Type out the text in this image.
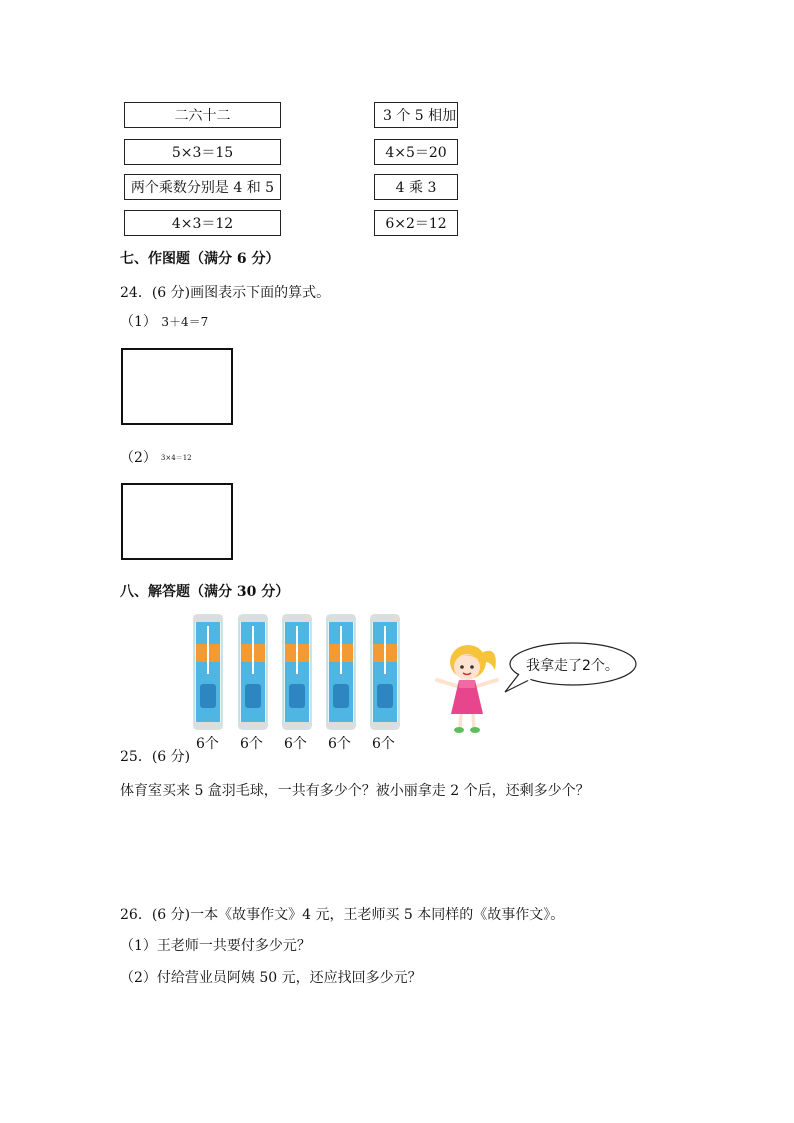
二六十二
5×3＝15
两个乘数分别是 4 和 5
4×3＝12
3 个 5 相加
4×5＝20
4 乘 3
6×2＝12
七、作图题（满分 6 分）
24．(6 分)画图表示下面的算式。
（1） 3＋4＝7
（2） 3×4＝12
八、解答题（满分 30 分）
6个 6个 6个 6个 6个
我拿走了2个。
25．(6 分)
体育室买来 5 盒羽毛球，一共有多少个？被小丽拿走 2 个后，还剩多少个？
26．(6 分)一本《故事作文》4 元，王老师买 5 本同样的《故事作文》。
（1）王老师一共要付多少元？
（2）付给营业员阿姨 50 元，还应找回多少元？
